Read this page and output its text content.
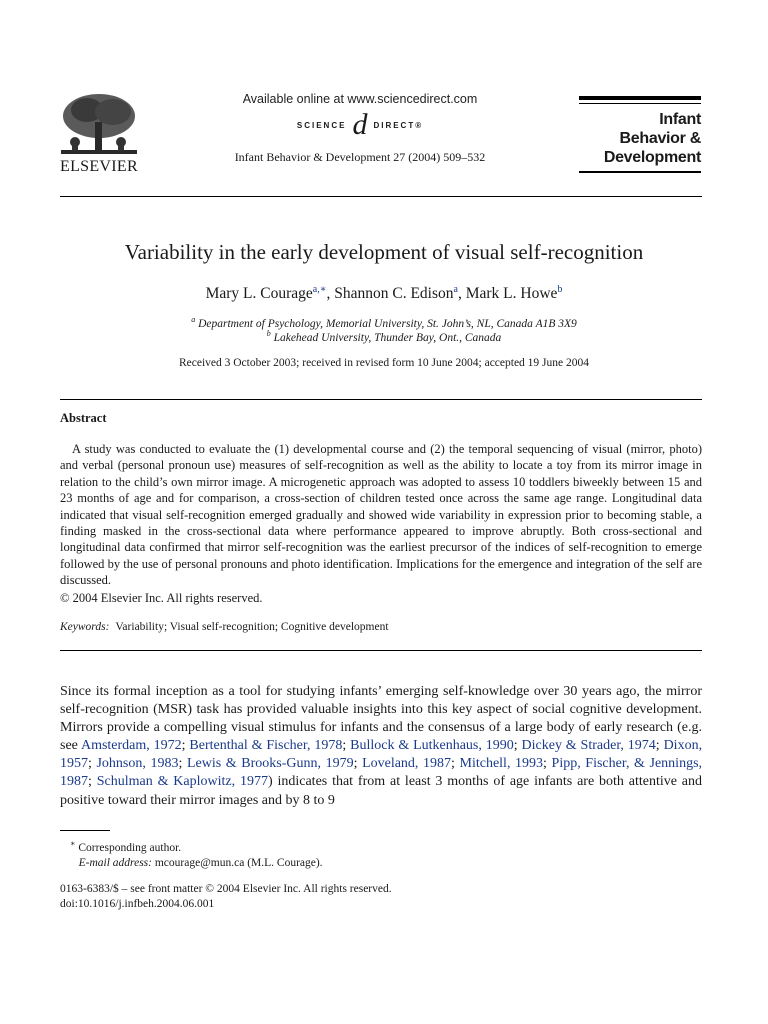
ELSEVIER
Available online at www.sciencedirect.com
SCIENCE d DIRECT®
Infant Behavior & Development 27 (2004) 509–532
Infant
Behavior &
Development
Variability in the early development of visual self-recognition
Mary L. Courage$^{a,∗}$, Shannon C. Edison$^a$, Mark L. Howe$^b$
$^a$ Department of Psychology, Memorial University, St. John’s, NL, Canada A1B 3X9
$^b$ Lakehead University, Thunder Bay, Ont., Canada
Received 3 October 2003; received in revised form 10 June 2004; accepted 19 June 2004
Abstract
A study was conducted to evaluate the (1) developmental course and (2) the temporal sequencing of visual (mirror, photo) and verbal (personal pronoun use) measures of self-recognition as well as the ability to locate a toy from its mirror image in relation to the child’s own mirror image. A microgenetic approach was adopted to assess 10 toddlers biweekly between 15 and 23 months of age and for comparison, a cross-section of children tested once across the same age range. Longitudinal data indicated that visual self-recognition emerged gradually and showed wide variability in expression prior to becoming stable, a finding masked in the cross-sectional data where performance appeared to improve abruptly. Both cross-sectional and longitudinal data confirmed that mirror self-recognition was the earliest precursor of the indices of self-recognition to emerge followed by the use of personal pronouns and photo identification. Implications for the emergence and integration of the self are discussed.
© 2004 Elsevier Inc. All rights reserved.
Keywords: Variability; Visual self-recognition; Cognitive development
Since its formal inception as a tool for studying infants’ emerging self-knowledge over 30 years ago, the mirror self-recognition (MSR) task has provided valuable insights into this key aspect of social cognitive development. Mirrors provide a compelling visual stimulus for infants and the consensus of a large body of early research (e.g. see Amsterdam, 1972; Bertenthal & Fischer, 1978; Bullock & Lutkenhaus, 1990; Dickey & Strader, 1974; Dixon, 1957; Johnson, 1983; Lewis & Brooks-Gunn, 1979; Loveland, 1987; Mitchell, 1993; Pipp, Fischer, & Jennings, 1987; Schulman & Kaplowitz, 1977) indicates that from at least 3 months of age infants are both attentive and positive toward their mirror images and by 8 to 9
∗ Corresponding author.
E-mail address: mcourage@mun.ca (M.L. Courage).
0163-6383/$ – see front matter © 2004 Elsevier Inc. All rights reserved.
doi:10.1016/j.infbeh.2004.06.001
